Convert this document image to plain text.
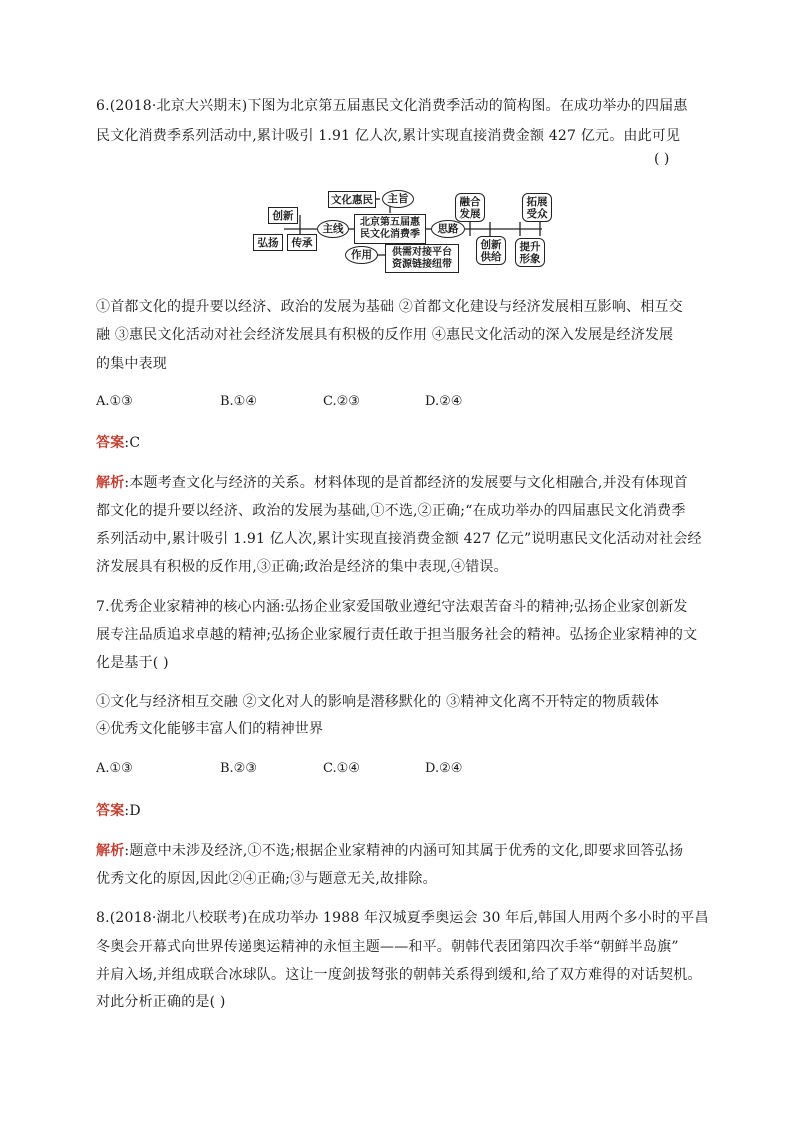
6.(2018·北京大兴期末)下图为北京第五届惠民文化消费季活动的简构图。在成功举办的四届惠
民文化消费季系列活动中,累计吸引 1.91 亿人次,累计实现直接消费金额 427 亿元。由此可见
( )
创新
弘扬	传承
主线
文化惠民	主旨
北京第五届惠民文化消费季	思路
作用	供需对接平台资源链接纽带
融合发展
拓展受众
创新供给
提升形象
①首都文化的提升要以经济、政治的发展为基础 ②首都文化建设与经济发展相互影响、相互交
融 ③惠民文化活动对社会经济发展具有积极的反作用 ④惠民文化活动的深入发展是经济发展
的集中表现
A.①③	B.①④	C.②③	D.②④
答案:C
解析:本题考查文化与经济的关系。材料体现的是首都经济的发展要与文化相融合,并没有体现首
都文化的提升要以经济、政治的发展为基础,①不选,②正确;“在成功举办的四届惠民文化消费季
系列活动中,累计吸引 1.91 亿人次,累计实现直接消费金额 427 亿元”说明惠民文化活动对社会经
济发展具有积极的反作用,③正确;政治是经济的集中表现,④错误。
7.优秀企业家精神的核心内涵:弘扬企业家爱国敬业遵纪守法艰苦奋斗的精神;弘扬企业家创新发
展专注品质追求卓越的精神;弘扬企业家履行责任敢于担当服务社会的精神。弘扬企业家精神的文
化是基于( )
①文化与经济相互交融 ②文化对人的影响是潜移默化的 ③精神文化离不开特定的物质载体
④优秀文化能够丰富人们的精神世界
A.①③	B.②③	C.①④	D.②④
答案:D
解析:题意中未涉及经济,①不选;根据企业家精神的内涵可知其属于优秀的文化,即要求回答弘扬
优秀文化的原因,因此②④正确;③与题意无关,故排除。
8.(2018·湖北八校联考)在成功举办 1988 年汉城夏季奥运会 30 年后,韩国人用两个多小时的平昌
冬奥会开幕式向世界传递奥运精神的永恒主题——和平。朝韩代表团第四次手举“朝鲜半岛旗”
并肩入场,并组成联合冰球队。这让一度剑拔弩张的朝韩关系得到缓和,给了双方难得的对话契机。
对此分析正确的是( )
